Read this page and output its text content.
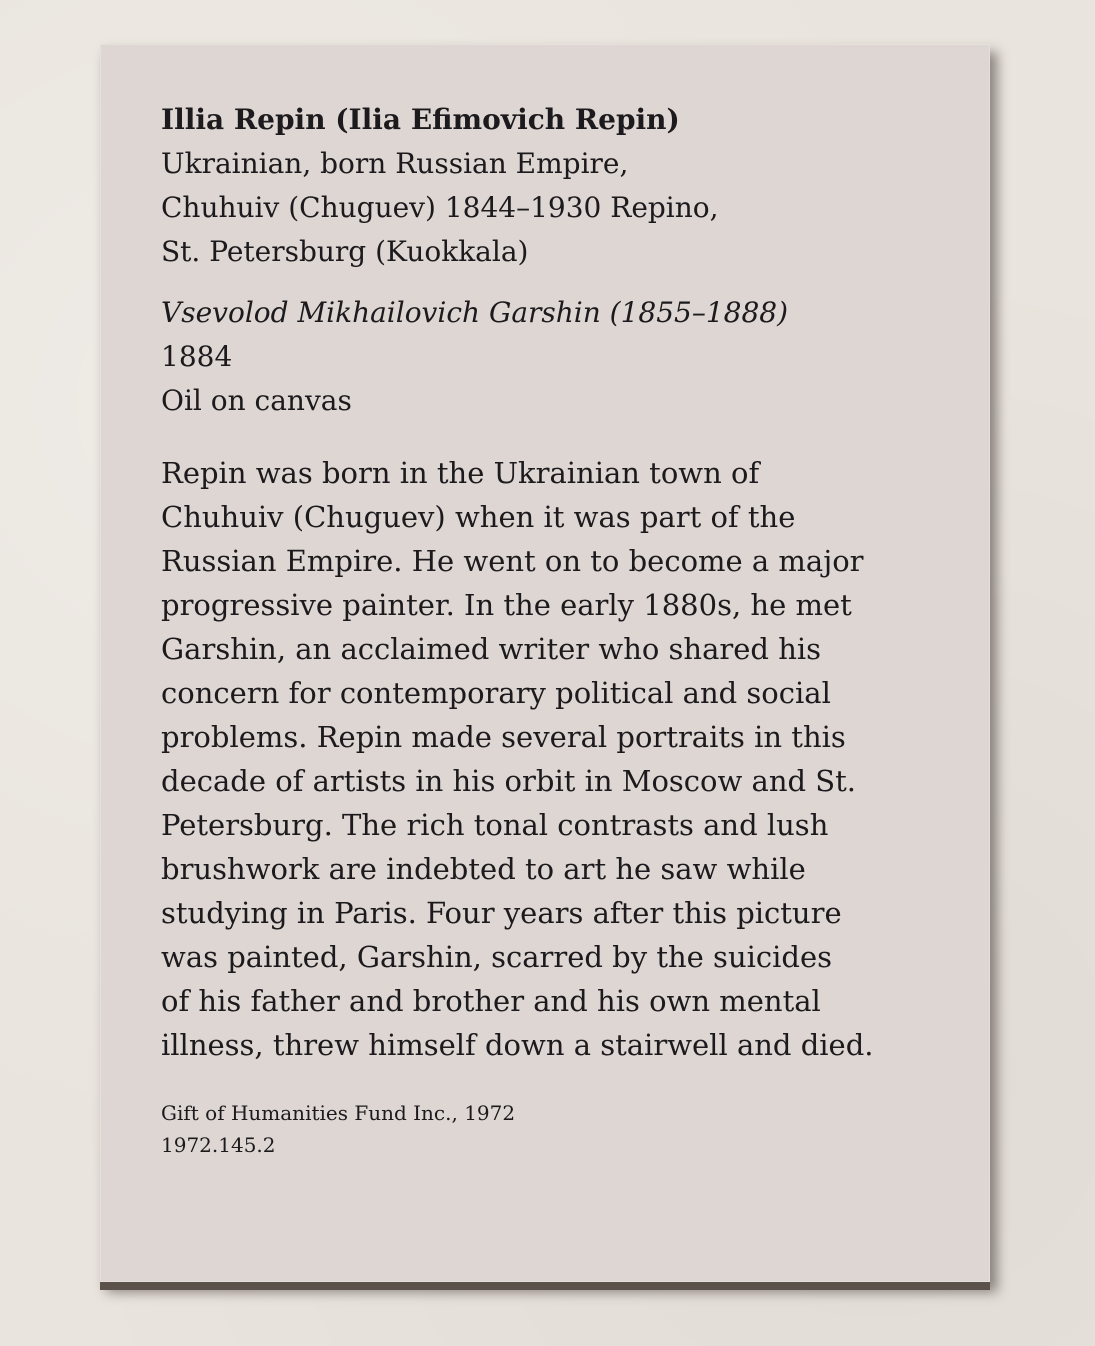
Illia Repin (Ilia Efimovich Repin)
Ukrainian, born Russian Empire,
Chuhuiv (Chuguev) 1844–1930 Repino,
St. Petersburg (Kuokkala)
Vsevolod Mikhailovich Garshin (1855–1888)
1884
Oil on canvas
Repin was born in the Ukrainian town of
Chuhuiv (Chuguev) when it was part of the
Russian Empire. He went on to become a major
progressive painter. In the early 1880s, he met
Garshin, an acclaimed writer who shared his
concern for contemporary political and social
problems. Repin made several portraits in this
decade of artists in his orbit in Moscow and St.
Petersburg. The rich tonal contrasts and lush
brushwork are indebted to art he saw while
studying in Paris. Four years after this picture
was painted, Garshin, scarred by the suicides
of his father and brother and his own mental
illness, threw himself down a stairwell and died.
Gift of Humanities Fund Inc., 1972
1972.145.2
